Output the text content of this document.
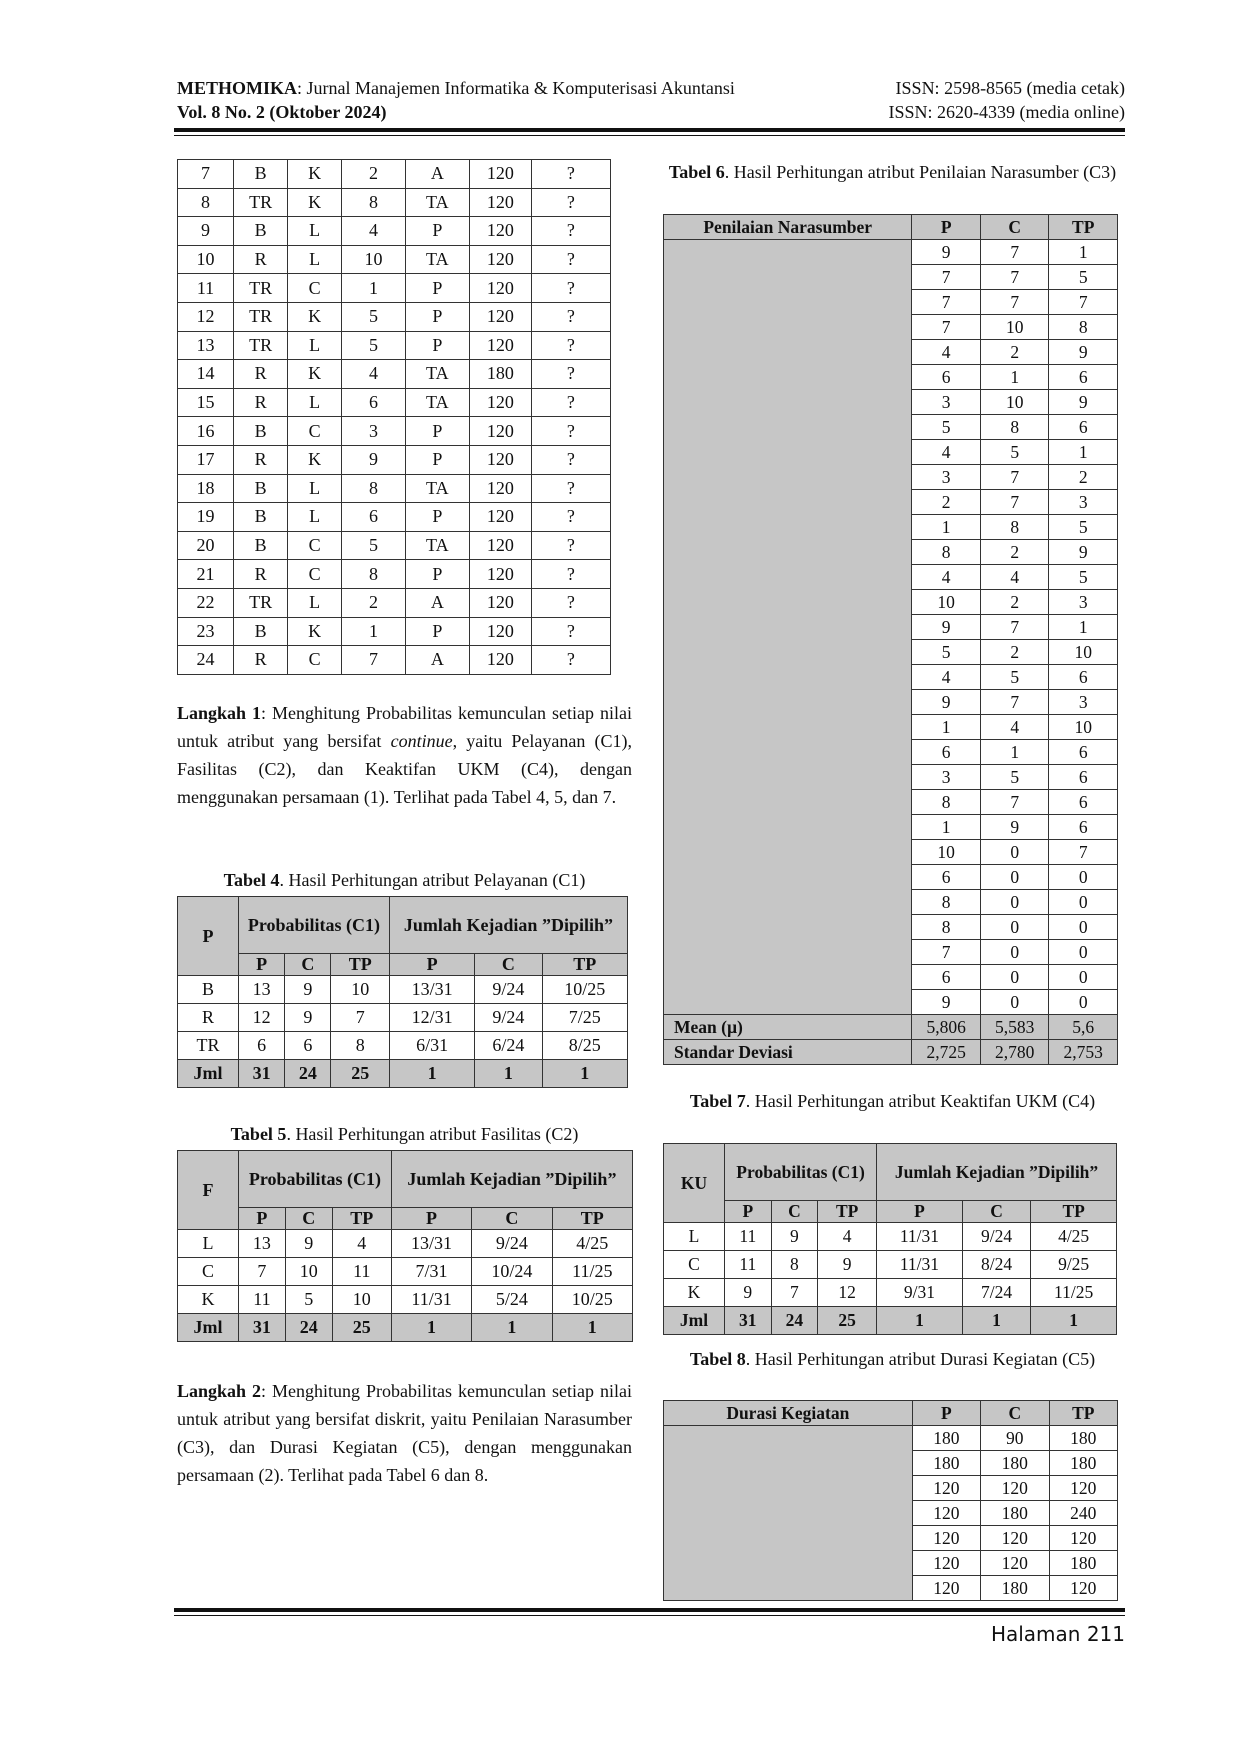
METHOMIKA: Jurnal Manajemen Informatika & Komputerisasi Akuntansi
Vol. 8 No. 2 (Oktober 2024)
ISSN: 2598-8565 (media cetak)
ISSN: 2620-4339 (media online)
7	B	K	2	A	120	?
8	TR	K	8	TA	120	?
9	B	L	4	P	120	?
10	R	L	10	TA	120	?
11	TR	C	1	P	120	?
12	TR	K	5	P	120	?
13	TR	L	5	P	120	?
14	R	K	4	TA	180	?
15	R	L	6	TA	120	?
16	B	C	3	P	120	?
17	R	K	9	P	120	?
18	B	L	8	TA	120	?
19	B	L	6	P	120	?
20	B	C	5	TA	120	?
21	R	C	8	P	120	?
22	TR	L	2	A	120	?
23	B	K	1	P	120	?
24	R	C	7	A	120	?
Langkah 1: Menghitung Probabilitas kemunculan setiap nilai untuk atribut yang bersifat continue, yaitu Pelayanan (C1), Fasilitas (C2), dan Keaktifan UKM (C4), dengan menggunakan persamaan (1). Terlihat pada Tabel 4, 5, dan 7.
Tabel 4. Hasil Perhitungan atribut Pelayanan (C1)
P	Probabilitas (C1)			Jumlah Kejadian ”Dipilih”		
	P	C	TP	P	C	TP
B	13	9	10	13/31	9/24	10/25
R	12	9	7	12/31	9/24	7/25
TR	6	6	8	6/31	6/24	8/25
Jml	31	24	25	1	1	1
Tabel 5. Hasil Perhitungan atribut Fasilitas (C2)
F	Probabilitas (C1)			Jumlah Kejadian ”Dipilih”		
	P	C	TP	P	C	TP
L	13	9	4	13/31	9/24	4/25
C	7	10	11	7/31	10/24	11/25
K	11	5	10	11/31	5/24	10/25
Jml	31	24	25	1	1	1
Langkah 2: Menghitung Probabilitas kemunculan setiap nilai untuk atribut yang bersifat diskrit, yaitu Penilaian Narasumber (C3), dan Durasi Kegiatan (C5), dengan menggunakan persamaan (2). Terlihat pada Tabel 6 dan 8.
Tabel 6. Hasil Perhitungan atribut Penilaian Narasumber (C3)
Penilaian Narasumber	P	C	TP
	9	7	1
	7	7	5
	7	7	7
	7	10	8
	4	2	9
	6	1	6
	3	10	9
	5	8	6
	4	5	1
	3	7	2
	2	7	3
	1	8	5
	8	2	9
	4	4	5
	10	2	3
	9	7	1
	5	2	10
	4	5	6
	9	7	3
	1	4	10
	6	1	6
	3	5	6
	8	7	6
	1	9	6
	10	0	7
	6	0	0
	8	0	0
	8	0	0
	7	0	0
	6	0	0
	9	0	0
Mean (µ)	5,806	5,583	5,6
Standar Deviasi	2,725	2,780	2,753
Tabel 7. Hasil Perhitungan atribut Keaktifan UKM (C4)
KU	Probabilitas (C1)			Jumlah Kejadian ”Dipilih”		
	P	C	TP	P	C	TP
L	11	9	4	11/31	9/24	4/25
C	11	8	9	11/31	8/24	9/25
K	9	7	12	9/31	7/24	11/25
Jml	31	24	25	1	1	1
Tabel 8. Hasil Perhitungan atribut Durasi Kegiatan (C5)
Durasi Kegiatan	P	C	TP
	180	90	180
	180	180	180
	120	120	120
	120	180	240
	120	120	120
	120	120	180
	120	180	120
Halaman 211
